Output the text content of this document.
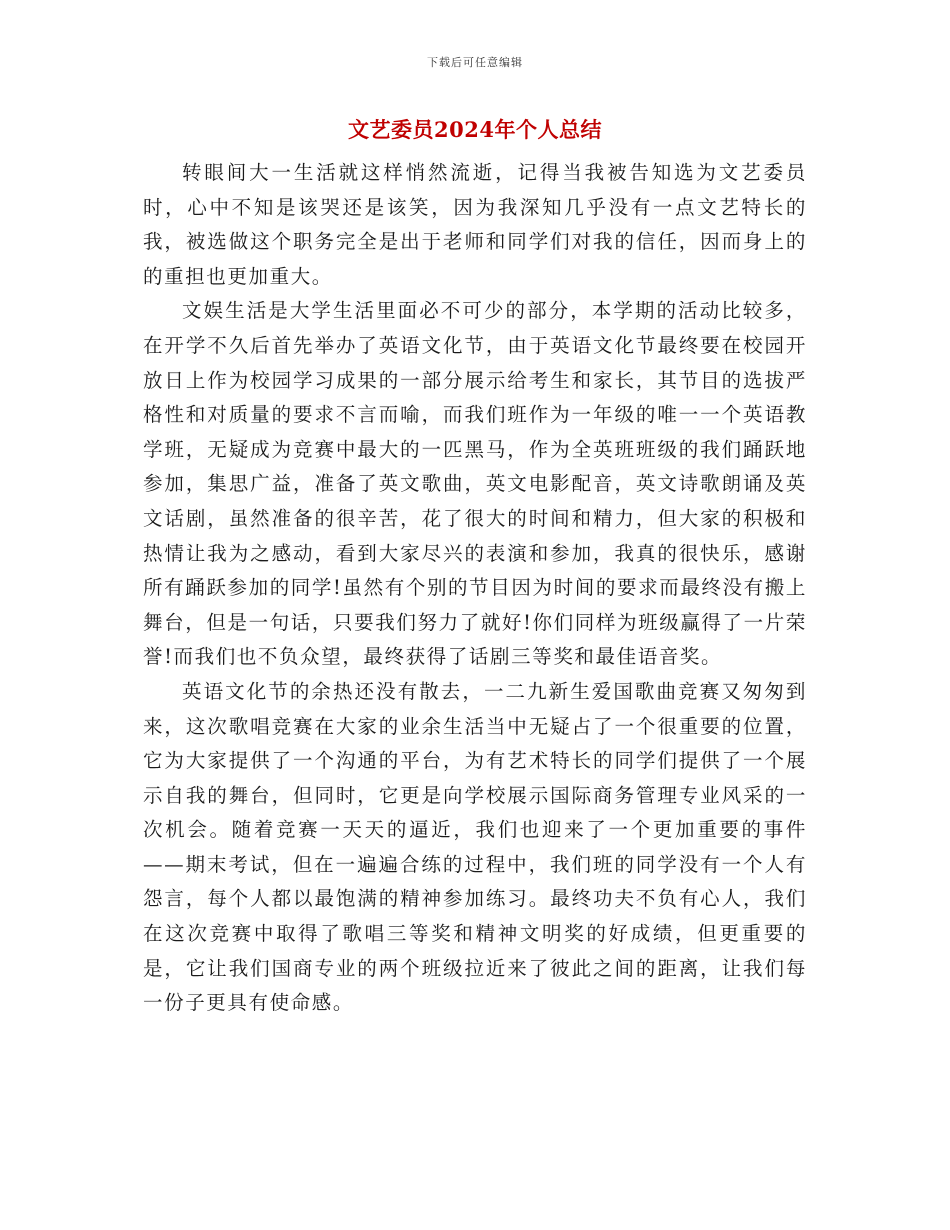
下载后可任意编辑
文艺委员2024年个人总结

转眼间大一生活就这样悄然流逝，记得当我被告知选为文艺委员时，心中不知是该哭还是该笑，因为我深知几乎没有一点文艺特长的我，被选做这个职务完全是出于老师和同学们对我的信任，因而身上的的重担也更加重大。

文娱生活是大学生活里面必不可少的部分，本学期的活动比较多，在开学不久后首先举办了英语文化节，由于英语文化节最终要在校园开放日上作为校园学习成果的一部分展示给考生和家长，其节目的选拔严格性和对质量的要求不言而喻，而我们班作为一年级的唯一一个英语教学班，无疑成为竞赛中最大的一匹黑马，作为全英班班级的我们踊跃地参加，集思广益，准备了英文歌曲，英文电影配音，英文诗歌朗诵及英文话剧，虽然准备的很辛苦，花了很大的时间和精力，但大家的积极和热情让我为之感动，看到大家尽兴的表演和参加，我真的很快乐，感谢所有踊跃参加的同学!虽然有个别的节目因为时间的要求而最终没有搬上舞台，但是一句话，只要我们努力了就好!你们同样为班级赢得了一片荣誉!而我们也不负众望，最终获得了话剧三等奖和最佳语音奖。

英语文化节的余热还没有散去，一二九新生爱国歌曲竞赛又匆匆到来，这次歌唱竞赛在大家的业余生活当中无疑占了一个很重要的位置，它为大家提供了一个沟通的平台，为有艺术特长的同学们提供了一个展示自我的舞台，但同时，它更是向学校展示国际商务管理专业风采的一次机会。随着竞赛一天天的逼近，我们也迎来了一个更加重要的事件——期末考试，但在一遍遍合练的过程中，我们班的同学没有一个人有怨言，每个人都以最饱满的精神参加练习。最终功夫不负有心人，我们在这次竞赛中取得了歌唱三等奖和精神文明奖的好成绩，但更重要的是，它让我们国商专业的两个班级拉近来了彼此之间的距离，让我们每一份子更具有使命感。
